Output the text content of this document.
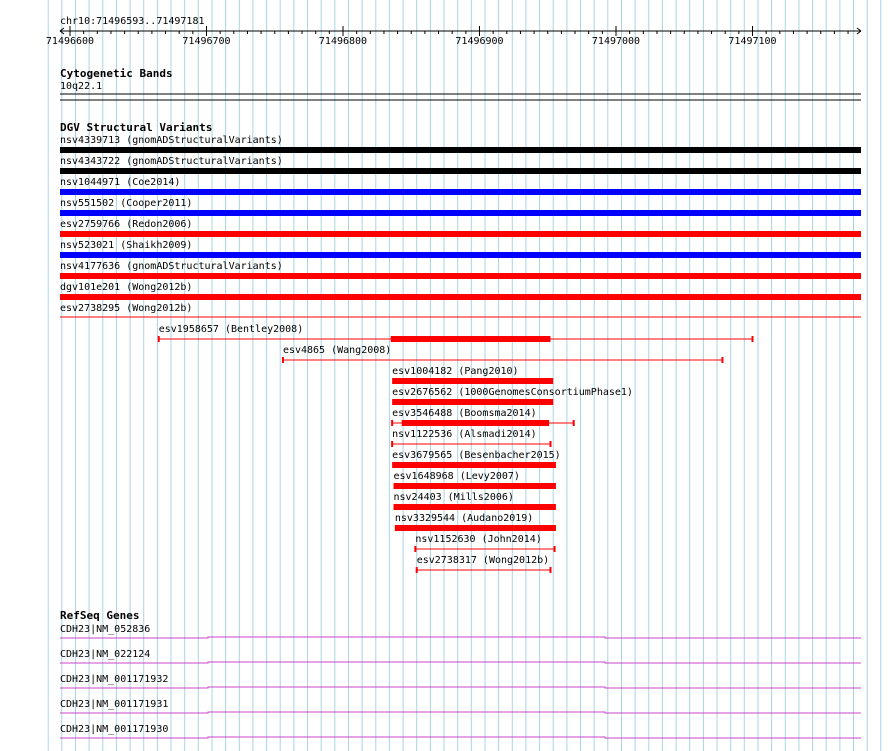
chr10:71496593..71497181
71496600	71496700	71496800	71496900	71497000	71497100
Cytogenetic Bands
10q22.1
DGV Structural Variants
nsv4339713 (gnomADStructuralVariants)
nsv4343722 (gnomADStructuralVariants)
nsv1044971 (Coe2014)
nsv551502 (Cooper2011)
esv2759766 (Redon2006)
nsv523021 (Shaikh2009)
nsv4177636 (gnomADStructuralVariants)
dgv101e201 (Wong2012b)
esv2738295 (Wong2012b)
esv1958657 (Bentley2008)
esv4865 (Wang2008)
esv1004182 (Pang2010)
esv2676562 (1000GenomesConsortiumPhase1)
esv3546488 (Boomsma2014)
nsv1122536 (Alsmadi2014)
esv3679565 (Besenbacher2015)
esv1648968 (Levy2007)
nsv24403 (Mills2006)
nsv3329544 (Audano2019)
nsv1152630 (John2014)
esv2738317 (Wong2012b)
RefSeq Genes
CDH23|NM_052836
CDH23|NM_022124
CDH23|NM_001171932
CDH23|NM_001171931
CDH23|NM_001171930
